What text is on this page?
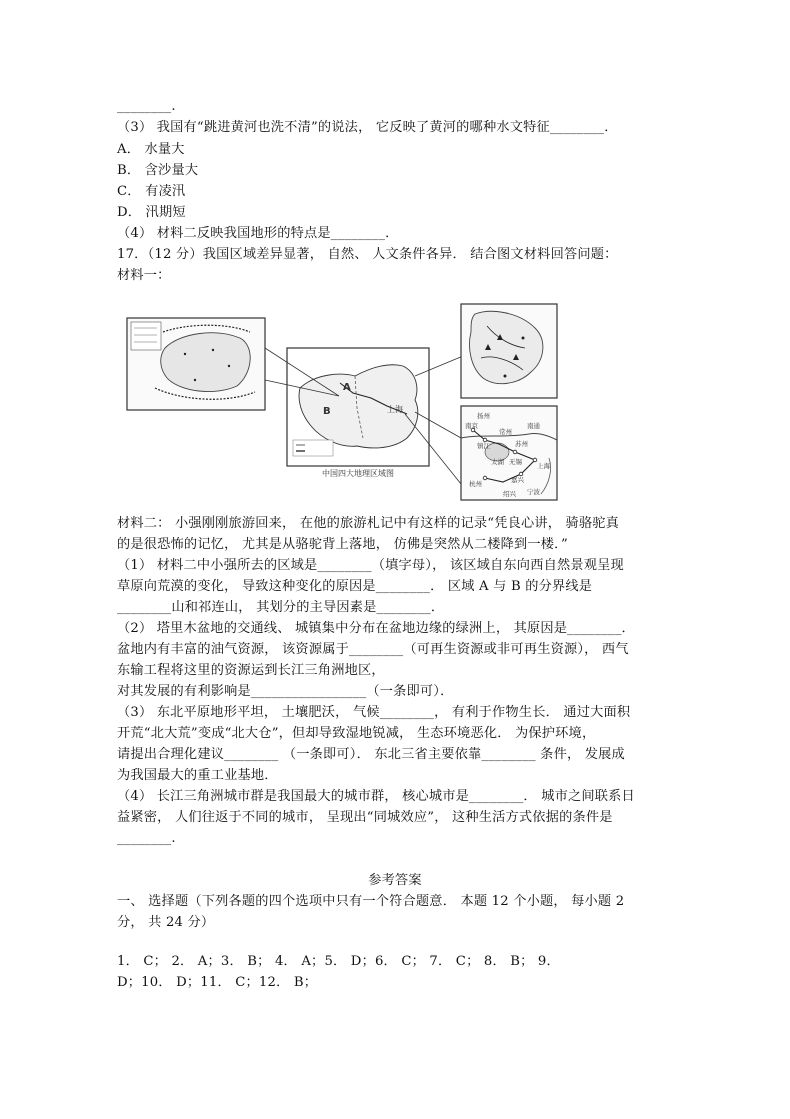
________.
（3） 我国有“跳进黄河也洗不清”的说法， 它反映了黄河的哪种水文特征________．
A． 水量大
B． 含沙量大
C． 有凌汛
D． 汛期短
（4） 材料二反映我国地形的特点是________．
17．（12 分）我国区域差异显著， 自然、 人文条件各异． 结合图文材料回答问题：
材料一：
A
B	上海
中国四大地理区域图
扬州
南通
苏州
太湖	上海
杭州	嘉兴
宁波
绍兴
南京
镇江
常州
无锡
材料二： 小强刚刚旅游回来， 在他的旅游札记中有这样的记录“凭良心讲， 骑骆驼真
的是很恐怖的记忆， 尤其是从骆驼背上落地， 仿佛是突然从二楼降到一楼．”
（1） 材料二中小强所去的区域是________（填字母）， 该区域自东向西自然景观呈现
草原向荒漠的变化， 导致这种变化的原因是________． 区域 A 与 B 的分界线是
________山和祁连山， 其划分的主导因素是________．
（2） 塔里木盆地的交通线、 城镇集中分布在盆地边缘的绿洲上， 其原因是________．
盆地内有丰富的油气资源， 该资源属于________（可再生资源或非可再生资源）， 西气
东输工程将这里的资源运到长江三角洲地区，
对其发展的有利影响是_________________（一条即可）．
（3） 东北平原地形平坦， 土壤肥沃， 气候________， 有利于作物生长． 通过大面积
开荒“北大荒”变成“北大仓”，但却导致湿地锐减， 生态环境恶化． 为保护环境，
请提出合理化建议________ （一条即可）． 东北三省主要依靠________ 条件， 发展成
为我国最大的重工业基地．
（4） 长江三角洲城市群是我国最大的城市群， 核心城市是________． 城市之间联系日
益紧密， 人们往返于不同的城市， 呈现出“同城效应”， 这种生活方式依据的条件是
________.
参考答案
一、 选择题（下列各题的四个选项中只有一个符合题意． 本题 12 个小题， 每小题 2
分， 共 24 分）
1． C； 2． A；3． B； 4． A；5． D；6． C； 7． C； 8． B； 9．
D；10． D；11． C；12． B；
